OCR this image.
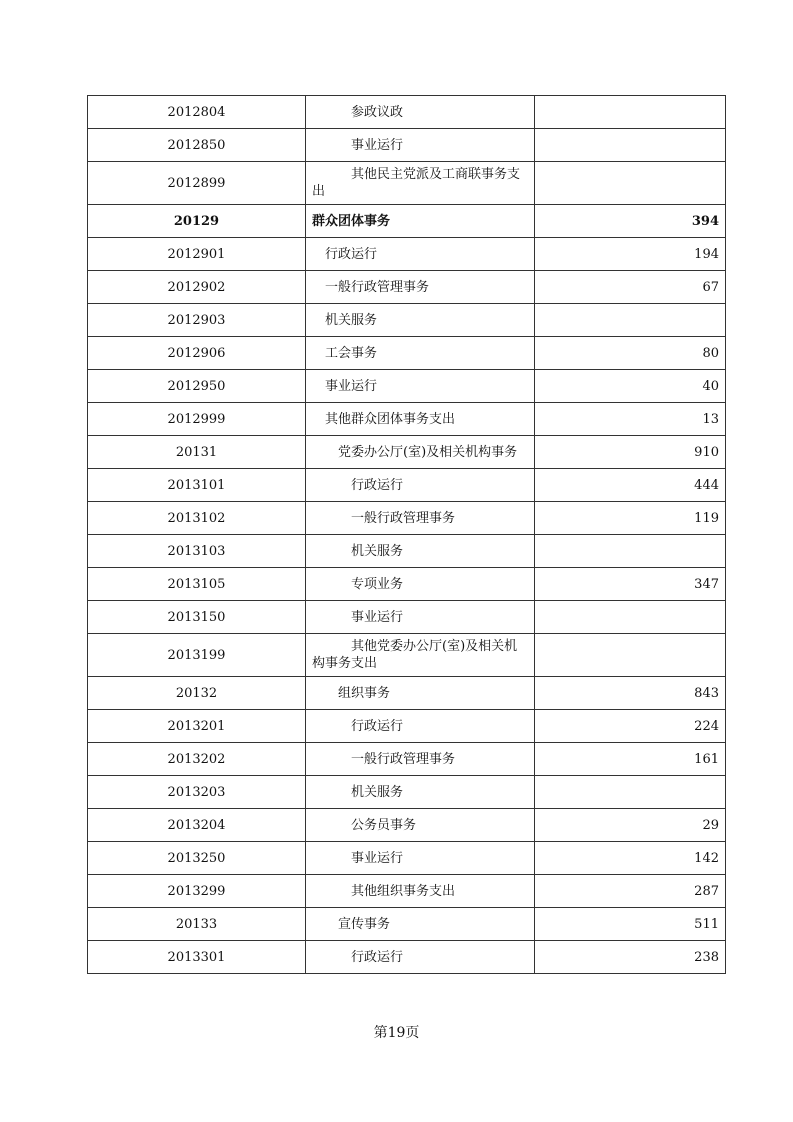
2012804	参政议政	
2012850	事业运行	
2012899	其他民主党派及工商联事务支出	
20129	群众团体事务	394
2012901	行政运行	194
2012902	一般行政管理事务	67
2012903	机关服务	
2012906	工会事务	80
2012950	事业运行	40
2012999	其他群众团体事务支出	13
20131	党委办公厅(室)及相关机构事务	910
2013101	行政运行	444
2013102	一般行政管理事务	119
2013103	机关服务	
2013105	专项业务	347
2013150	事业运行	
2013199	其他党委办公厅(室)及相关机构事务支出	
20132	组织事务	843
2013201	行政运行	224
2013202	一般行政管理事务	161
2013203	机关服务	
2013204	公务员事务	29
2013250	事业运行	142
2013299	其他组织事务支出	287
20133	宣传事务	511
2013301	行政运行	238
第19页
